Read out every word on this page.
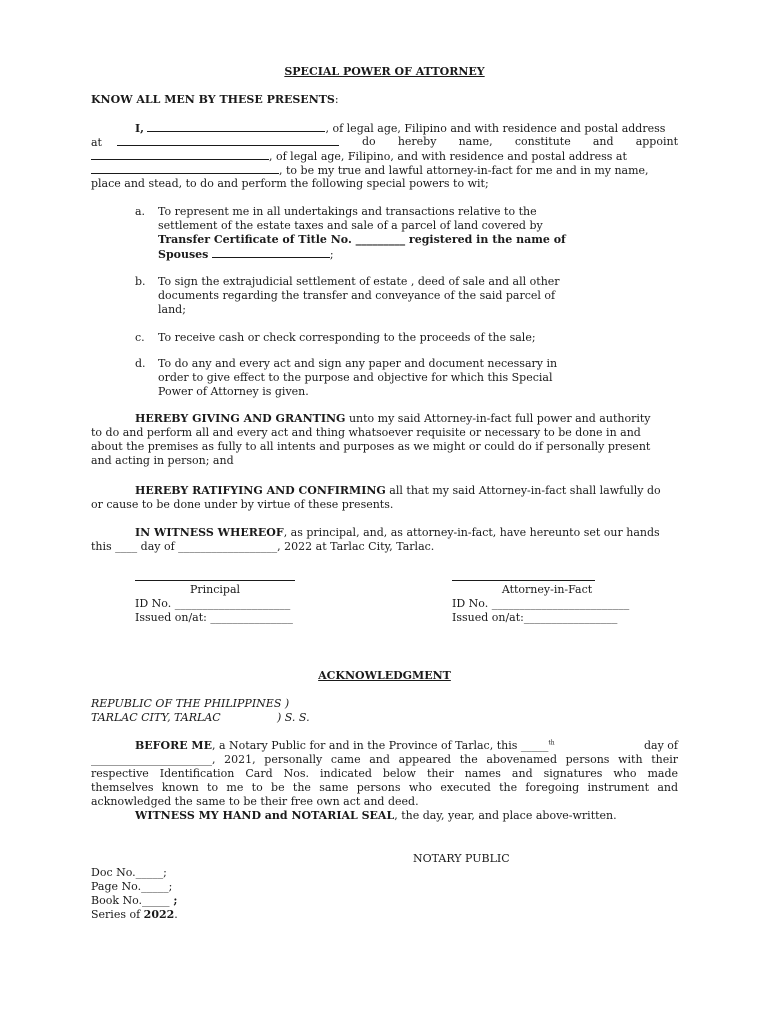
SPECIAL POWER OF ATTORNEY
KNOW ALL MEN BY THESE PRESENTS:
I,	, of legal age, Filipino and with residence and postal address
at	do hereby name, constitute and appoint
, of legal age, Filipino, and with residence and postal address at
, to be my true and lawful attorney-in-fact for me and in my name,
place and stead, to do and perform the following special powers to wit;
a. To represent me in all undertakings and transactions relative to the
settlement of the estate taxes and sale of a parcel of land covered by
Transfer Certificate of Title No. _________ registered in the name of
Spouses	;
b. To sign the extrajudicial settlement of estate , deed of sale and all other
documents regarding the transfer and conveyance of the said parcel of
land;
c. To receive cash or check corresponding to the proceeds of the sale;
d. To do any and every act and sign any paper and document necessary in
order to give effect to the purpose and objective for which this Special
Power of Attorney is given.
HEREBY GIVING AND GRANTING unto my said Attorney-in-fact full power and authority
to do and perform all and every act and thing whatsoever requisite or necessary to be done in and
about the premises as fully to all intents and purposes as we might or could do if personally present
and acting in person; and
HEREBY RATIFYING AND CONFIRMING all that my said Attorney-in-fact shall lawfully do
or cause to be done under by virtue of these presents.
IN WITNESS WHEREOF, as principal, and, as attorney-in-fact, have hereunto set our hands
this ____ day of __________________, 2022 at Tarlac City, Tarlac.
Principal
ID No. _____________________
Issued on/at: _______________
Attorney-in-Fact
ID No. _________________________
Issued on/at:_________________
ACKNOWLEDGMENT
REPUBLIC OF THE PHILIPPINES )
TARLAC CITY, TARLAC	) S. S.
BEFORE ME, a Notary Public for and in the Province of Tarlac, this _____$^{th}$	day of
______________________, 2021, personally came and appeared the abovenamed persons with their
respective Identification Card Nos. indicated below their names and signatures who made
themselves known to me to be the same persons who executed the foregoing instrument and
acknowledged the same to be their free own act and deed.
WITNESS MY HAND and NOTARIAL SEAL, the day, year, and place above-written.
NOTARY PUBLIC
Doc No._____;
Page No._____;
Book No._____ ;
Series of 2022.
